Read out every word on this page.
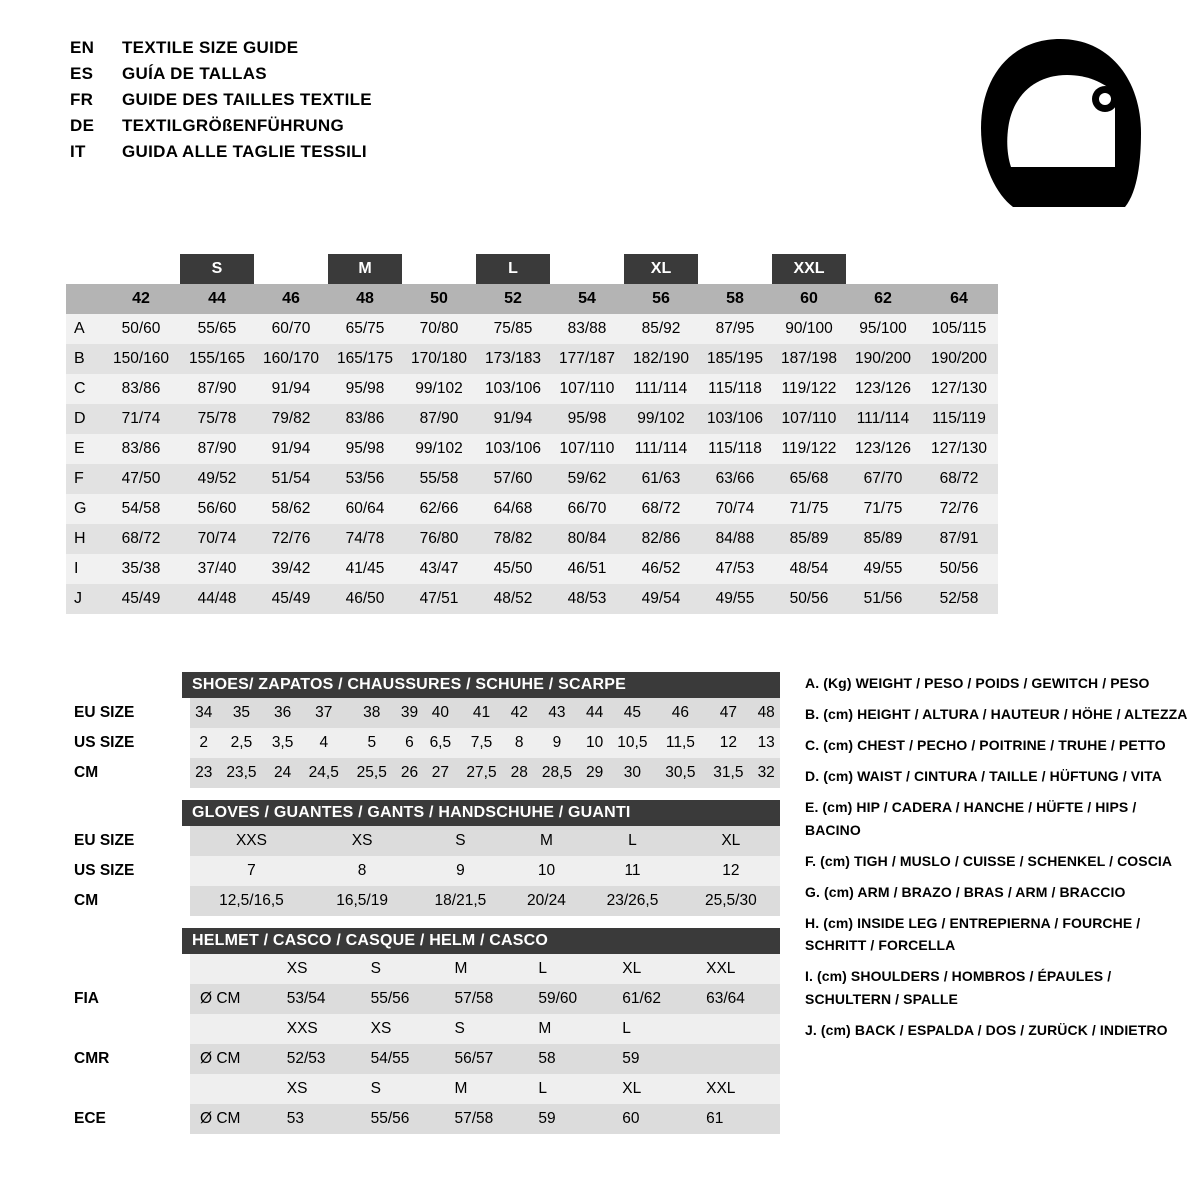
EN	TEXTILE SIZE GUIDE
ES	GUÍA DE TALLAS
FR	GUIDE DES TAILLES TEXTILE
DE	TEXTILGRÖßENFÜHRUNG
IT	GUIDA ALLE TAGLIE TESSILI
		S		M		L		XL		XXL		
	42	44	46	48	50	52	54	56	58	60	62	64
A	50/60	55/65	60/70	65/75	70/80	75/85	83/88	85/92	87/95	90/100	95/100	105/115
B	150/160	155/165	160/170	165/175	170/180	173/183	177/187	182/190	185/195	187/198	190/200	190/200
C	83/86	87/90	91/94	95/98	99/102	103/106	107/110	111/114	115/118	119/122	123/126	127/130
D	71/74	75/78	79/82	83/86	87/90	91/94	95/98	99/102	103/106	107/110	111/114	115/119
E	83/86	87/90	91/94	95/98	99/102	103/106	107/110	111/114	115/118	119/122	123/126	127/130
F	47/50	49/52	51/54	53/56	55/58	57/60	59/62	61/63	63/66	65/68	67/70	68/72
G	54/58	56/60	58/62	60/64	62/66	64/68	66/70	68/72	70/74	71/75	71/75	72/76
H	68/72	70/74	72/76	74/78	76/80	78/82	80/84	82/86	84/88	85/89	85/89	87/91
I	35/38	37/40	39/42	41/45	43/47	45/50	46/51	46/52	47/53	48/54	49/55	50/56
J	45/49	44/48	45/49	46/50	47/51	48/52	48/53	49/54	49/55	50/56	51/56	52/58
SHOES/ ZAPATOS / CHAUSSURES / SCHUHE / SCARPE
EU SIZE	34	35	36	37	38	39	40	41	42	43	44	45	46	47	48
US SIZE	2	2,5	3,5	4	5	6	6,5	7,5	8	9	10	10,5	11,5	12	13
CM	23	23,5	24	24,5	25,5	26	27	27,5	28	28,5	29	30	30,5	31,5	32
GLOVES / GUANTES / GANTS / HANDSCHUHE / GUANTI
EU SIZE	XXS	XS	S	M	L	XL
US SIZE	7	8	9	10	11	12
CM	12,5/16,5	16,5/19	18/21,5	20/24	23/26,5	25,5/30
HELMET / CASCO / CASQUE / HELM / CASCO
		XS	S	M	L	XL	XXL
FIA	Ø CM	53/54	55/56	57/58	59/60	61/62	63/64
		XXS	XS	S	M	L	
CMR	Ø CM	52/53	54/55	56/57	58	59	
		XS	S	M	L	XL	XXL
ECE	Ø CM	53	55/56	57/58	59	60	61

A. (Kg) WEIGHT / PESO / POIDS / GEWITCH / PESO

B. (cm) HEIGHT / ALTURA / HAUTEUR / HÖHE / ALTEZZA

C. (cm) CHEST / PECHO / POITRINE / TRUHE / PETTO

D. (cm) WAIST / CINTURA / TAILLE / HÜFTUNG / VITA

E. (cm) HIP / CADERA / HANCHE / HÜFTE / HIPS / BACINO

F. (cm) TIGH / MUSLO / CUISSE / SCHENKEL / COSCIA

G. (cm) ARM / BRAZO / BRAS / ARM / BRACCIO

H. (cm) INSIDE LEG / ENTREPIERNA / FOURCHE / SCHRITT / FORCELLA

I. (cm) SHOULDERS / HOMBROS / ÉPAULES / SCHULTERN / SPALLE

J. (cm) BACK / ESPALDA / DOS / ZURÜCK / INDIETRO
